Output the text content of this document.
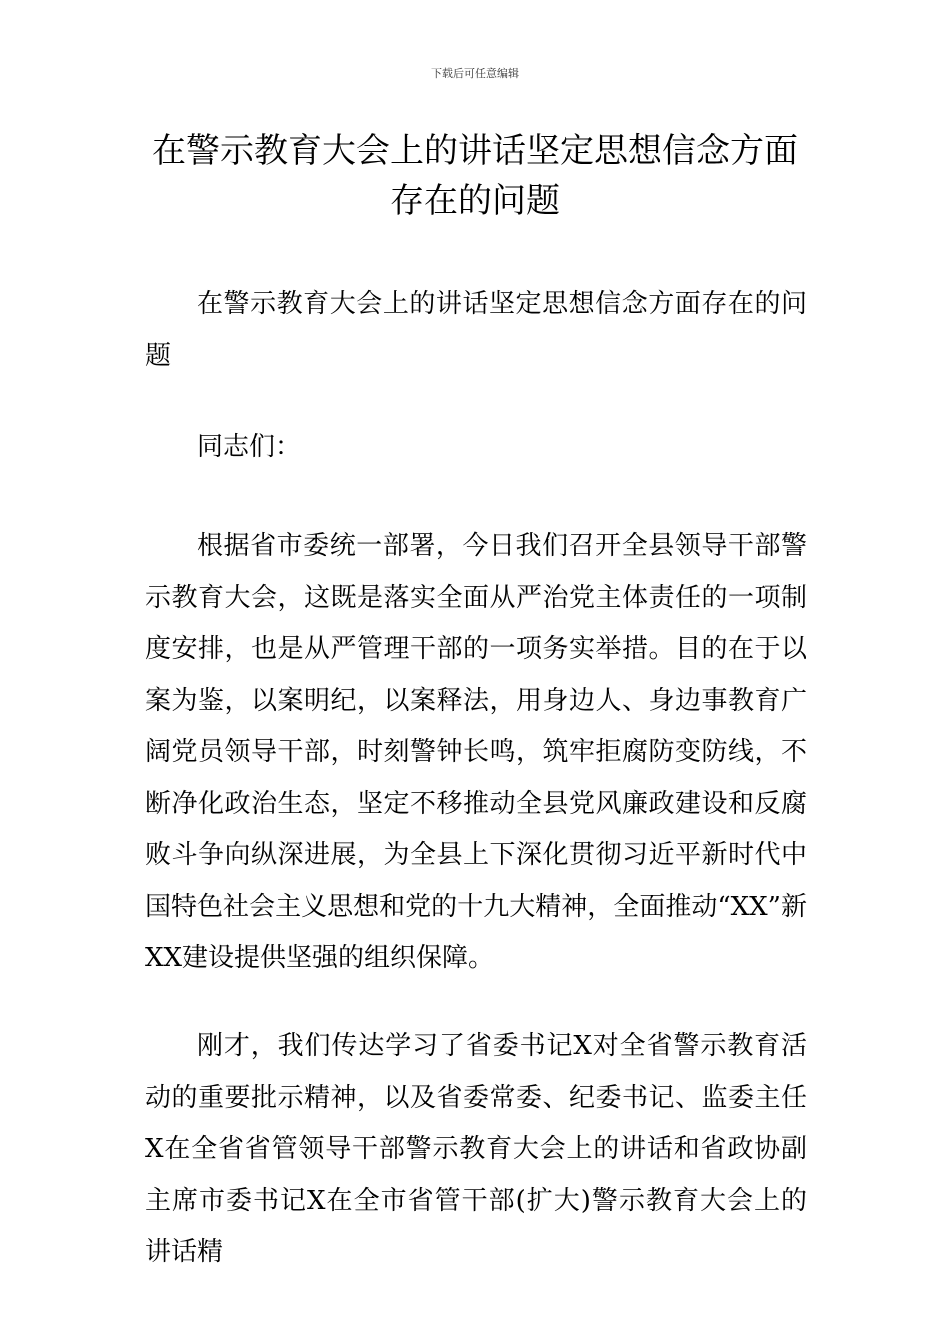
下载后可任意编辑
在警示教育大会上的讲话坚定思想信念方面存在的问题

在警示教育大会上的讲话坚定思想信念方面存在的问题

同志们：

根据省市委统一部署，今日我们召开全县领导干部警示教育大会，这既是落实全面从严治党主体责任的一项制度安排，也是从严管理干部的一项务实举措。目的在于以案为鉴，以案明纪，以案释法，用身边人、身边事教育广阔党员领导干部，时刻警钟长鸣，筑牢拒腐防变防线，不断净化政治生态，坚定不移推动全县党风廉政建设和反腐败斗争向纵深进展，为全县上下深化贯彻习近平新时代中国特色社会主义思想和党的十九大精神，全面推动“XX”新XX建设提供坚强的组织保障。

刚才，我们传达学习了省委书记X对全省警示教育活动的重要批示精神，以及省委常委、纪委书记、监委主任X在全省省管领导干部警示教育大会上的讲话和省政协副主席市委书记X在全市省管干部(扩大)警示教育大会上的讲话精
